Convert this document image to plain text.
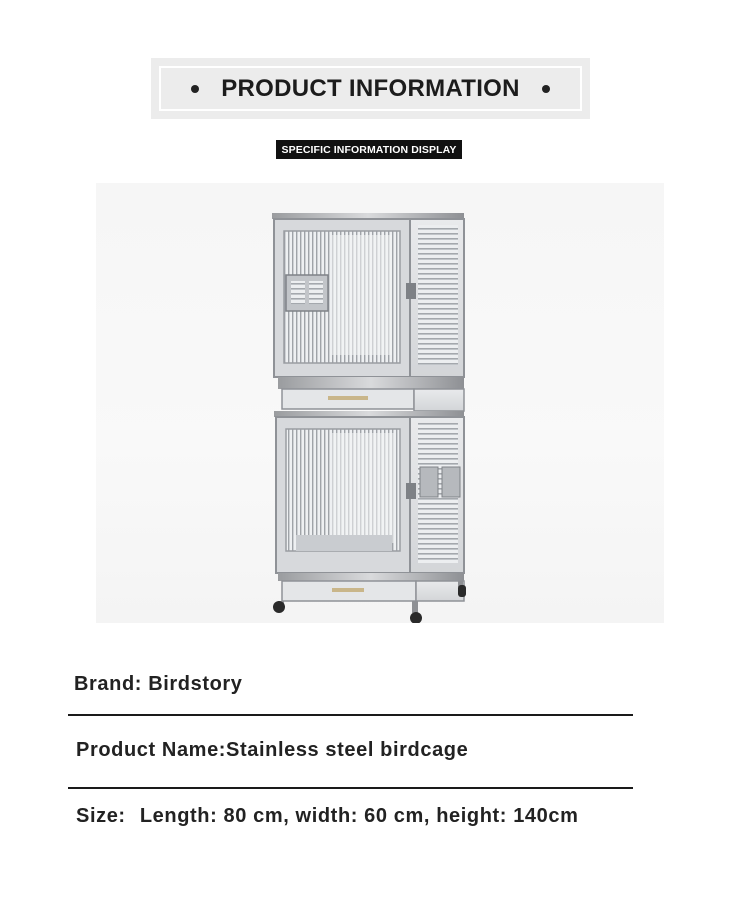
PRODUCT INFORMATION
SPECIFIC INFORMATION DISPLAY
Brand: Birdstory
Product Name:Stainless steel birdcage
Size: Length: 80 cm, width: 60 cm, height: 140cm
